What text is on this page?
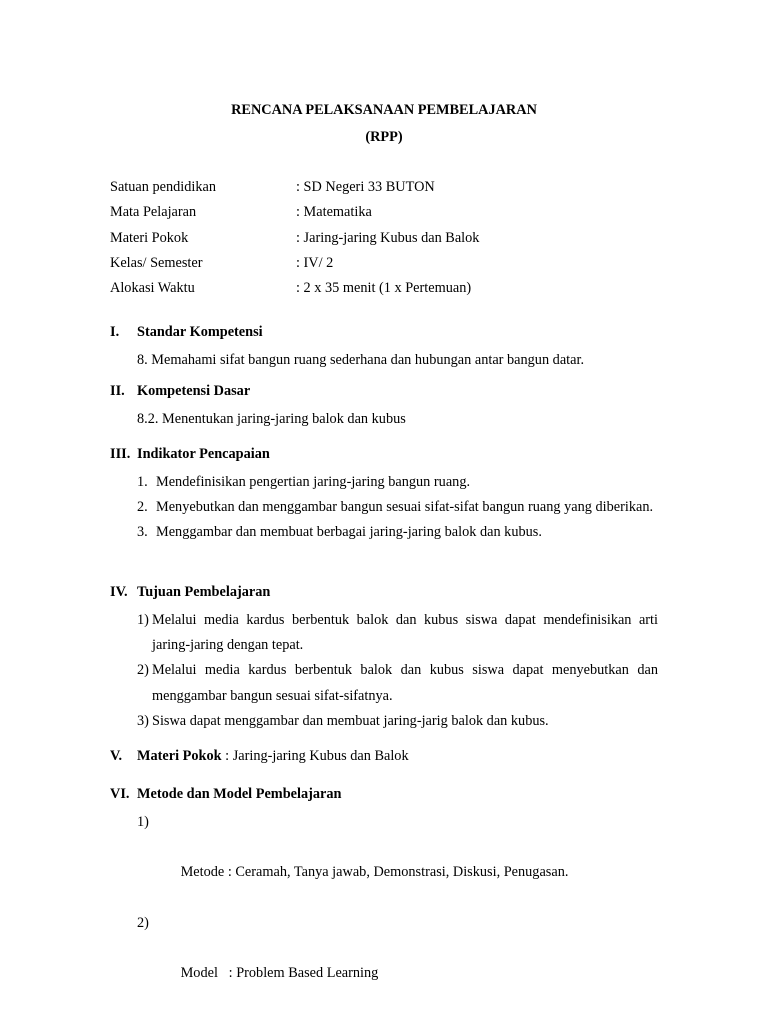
RENCANA PELAKSANAAN PEMBELAJARAN
(RPP)
Satuan pendidikan	: SD Negeri 33 BUTON
Mata Pelajaran	: Matematika
Materi Pokok	: Jaring-jaring Kubus dan Balok
Kelas/ Semester	: IV/ 2
Alokasi Waktu	: 2 x 35 menit (1 x Pertemuan)
I. Standar Kompetensi
8. Memahami sifat bangun ruang sederhana dan hubungan antar bangun datar.
II. Kompetensi Dasar
8.2. Menentukan jaring-jaring balok dan kubus
III. Indikator Pencapaian
1. Mendefinisikan pengertian jaring-jaring bangun ruang.
2. Menyebutkan dan menggambar bangun sesuai sifat-sifat bangun ruang yang diberikan.
3. Menggambar dan membuat berbagai jaring-jaring balok dan kubus.
IV. Tujuan Pembelajaran
1) Melalui media kardus berbentuk balok dan kubus siswa dapat mendefinisikan arti jaring-jaring dengan tepat.
2) Melalui media kardus berbentuk balok dan kubus siswa dapat menyebutkan dan menggambar bangun sesuai sifat-sifatnya.
3) Siswa dapat menggambar dan membuat jaring-jarig balok dan kubus.
V. Materi Pokok : Jaring-jaring Kubus dan Balok
VI. Metode dan Model Pembelajaran

1)

Metode : Ceramah, Tanya jawab, Demonstrasi, Diskusi, Penugasan.

2)

Model   : Problem Based Learning
